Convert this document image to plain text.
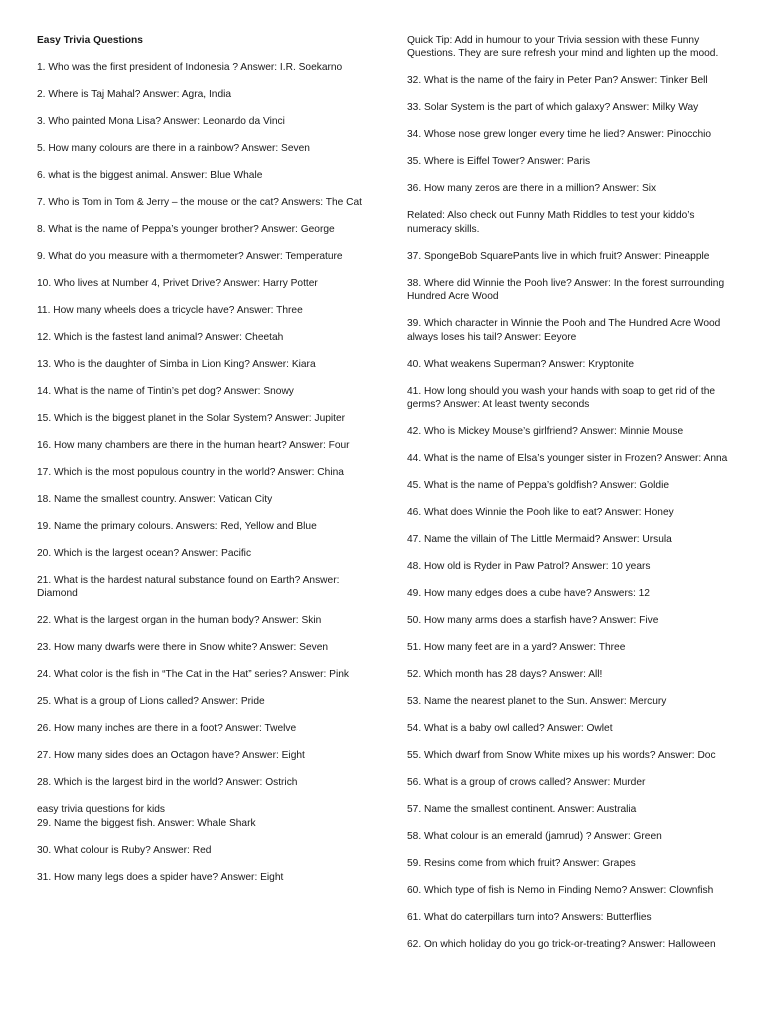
Easy Trivia Questions

1. Who was the first president of Indonesia ? Answer: I.R. Soekarno

2. Where is Taj Mahal? Answer: Agra, India

3. Who painted Mona Lisa? Answer: Leonardo da Vinci

5. How many colours are there in a rainbow? Answer: Seven

6. what is the biggest animal. Answer: Blue Whale

7. Who is Tom in Tom & Jerry – the mouse or the cat? Answers: The Cat

8. What is the name of Peppa’s younger brother? Answer: George

9. What do you measure with a thermometer? Answer: Temperature

10. Who lives at Number 4, Privet Drive? Answer: Harry Potter

11. How many wheels does a tricycle have? Answer: Three

12. Which is the fastest land animal? Answer: Cheetah

13. Who is the daughter of Simba in Lion King? Answer: Kiara

14. What is the name of Tintin’s pet dog? Answer: Snowy

15. Which is the biggest planet in the Solar System? Answer: Jupiter

16. How many chambers are there in the human heart? Answer: Four

17. Which is the most populous country in the world? Answer: China

18. Name the smallest country. Answer: Vatican City

19. Name the primary colours. Answers: Red, Yellow and Blue

20. Which is the largest ocean? Answer: Pacific

21. What is the hardest natural substance found on Earth? Answer: Diamond

22. What is the largest organ in the human body? Answer: Skin

23. How many dwarfs were there in Snow white? Answer: Seven

24. What color is the fish in “The Cat in the Hat” series? Answer: Pink

25. What is a group of Lions called? Answer: Pride

26. How many inches are there in a foot? Answer: Twelve

27. How many sides does an Octagon have? Answer: Eight

28. Which is the largest bird in the world? Answer: Ostrich

easy trivia questions for kids

29. Name the biggest fish. Answer: Whale Shark

30. What colour is Ruby? Answer: Red

31. How many legs does a spider have? Answer: Eight

Quick Tip: Add in humour to your Trivia session with these Funny Questions. They are sure refresh your mind and lighten up the mood.

32. What is the name of the fairy in Peter Pan? Answer: Tinker Bell

33. Solar System is the part of which galaxy? Answer: Milky Way

34. Whose nose grew longer every time he lied? Answer: Pinocchio

35. Where is Eiffel Tower? Answer: Paris

36. How many zeros are there in a million? Answer: Six

Related: Also check out Funny Math Riddles to test your kiddo’s numeracy skills.

37. SpongeBob SquarePants live in which fruit? Answer: Pineapple

38. Where did Winnie the Pooh live? Answer: In the forest surrounding Hundred Acre Wood

39. Which character in Winnie the Pooh and The Hundred Acre Wood always loses his tail? Answer: Eeyore

40. What weakens Superman? Answer: Kryptonite

41. How long should you wash your hands with soap to get rid of the germs? Answer: At least twenty seconds

42. Who is Mickey Mouse’s girlfriend? Answer: Minnie Mouse

44. What is the name of Elsa’s younger sister in Frozen? Answer: Anna

45. What is the name of Peppa’s goldfish? Answer: Goldie

46. What does Winnie the Pooh like to eat? Answer: Honey

47. Name the villain of The Little Mermaid? Answer: Ursula

48. How old is Ryder in Paw Patrol? Answer: 10 years

49. How many edges does a cube have? Answers: 12

50. How many arms does a starfish have? Answer: Five

51. How many feet are in a yard? Answer: Three

52. Which month has 28 days? Answer: All!

53. Name the nearest planet to the Sun. Answer: Mercury

54. What is a baby owl called? Answer: Owlet

55. Which dwarf from Snow White mixes up his words? Answer: Doc

56. What is a group of crows called? Answer: Murder

57. Name the smallest continent. Answer: Australia

58. What colour is an emerald (jamrud) ? Answer: Green

59. Resins come from which fruit? Answer: Grapes

60. Which type of fish is Nemo in Finding Nemo? Answer: Clownfish

61. What do caterpillars turn into? Answers: Butterflies

62. On which holiday do you go trick-or-treating? Answer: Halloween
